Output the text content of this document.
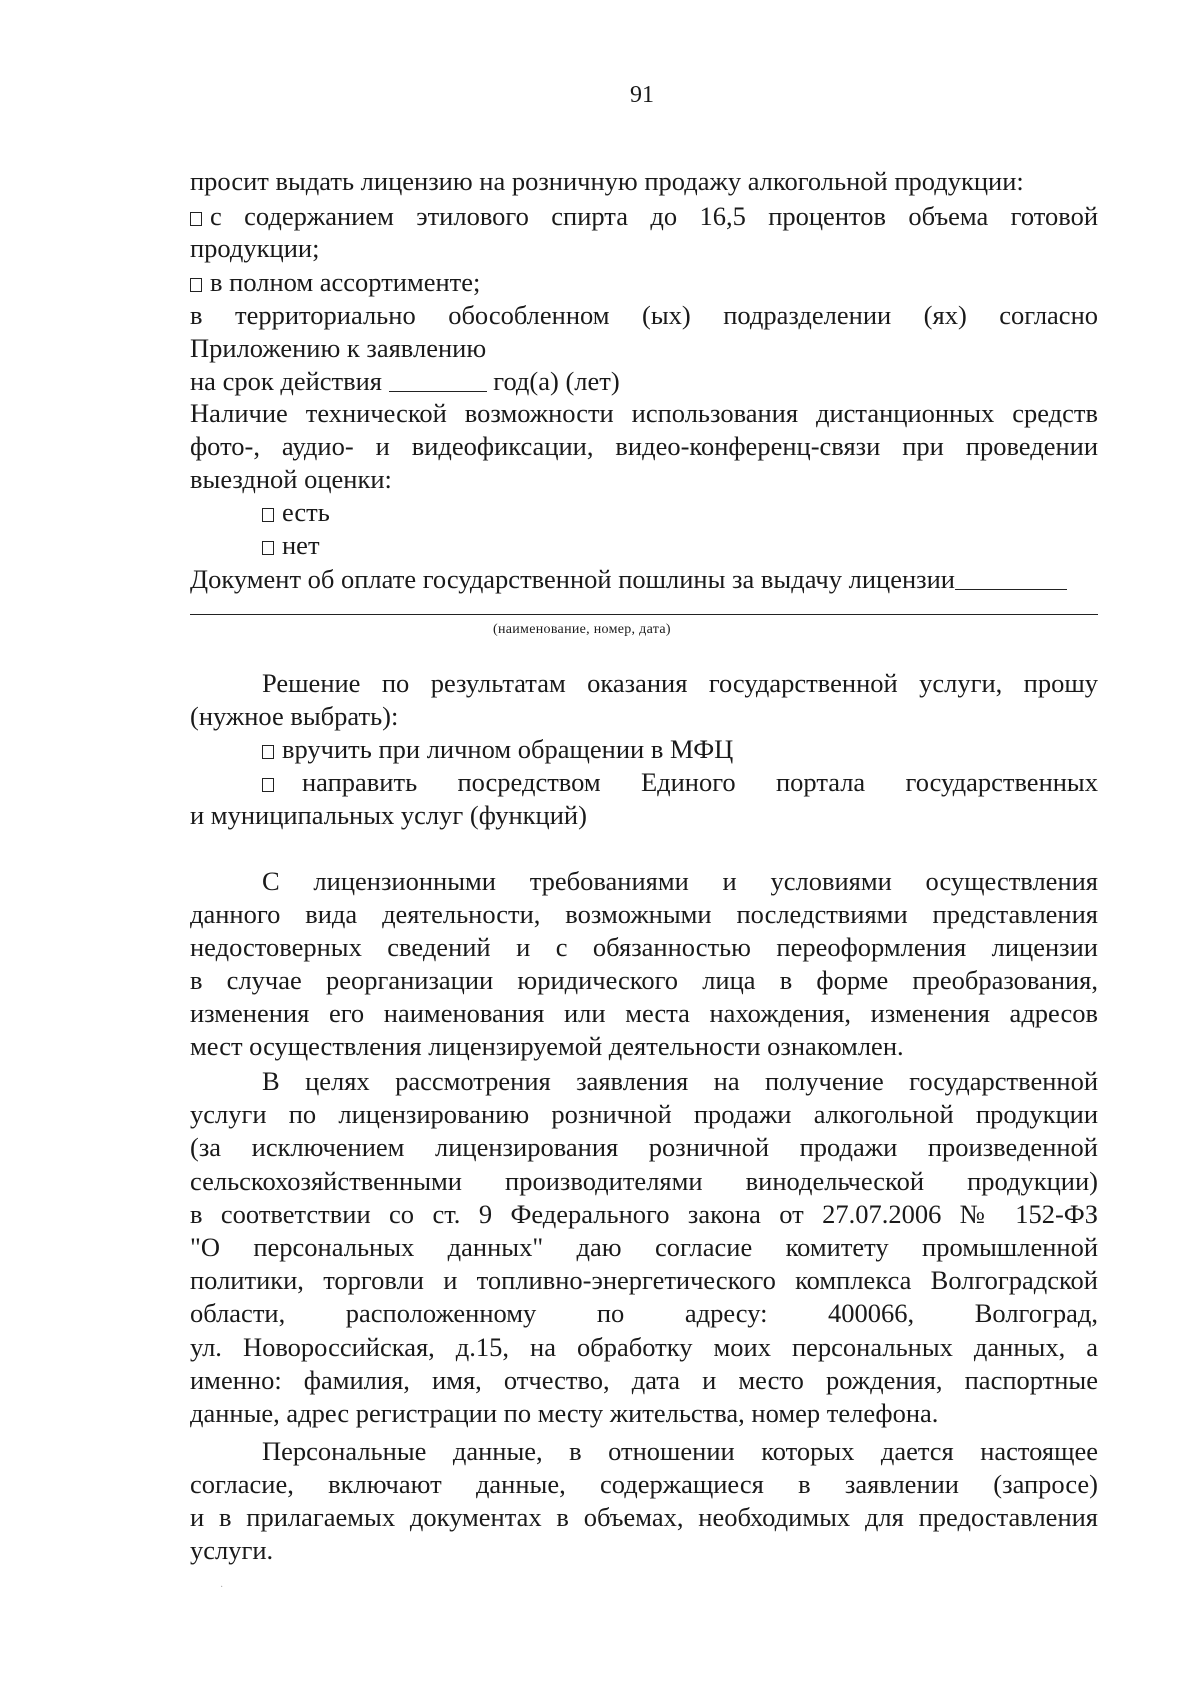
91
просит выдать лицензию на розничную продажу алкогольной продукции:
с содержанием этилового спирта до 16,5 процентов объема готовой
продукции;
в полном ассортименте;
в территориально обособленном (ых) подразделении (ях) согласно
Приложению к заявлению
на срок действия	год(а) (лет)
Наличие технической возможности использования дистанционных средств
фото-, аудио- и видеофиксации, видео-конференц-связи при проведении
выездной оценки:
есть
нет
Документ об оплате государственной пошлины за выдачу лицензии
(наименование, номер, дата)
Решение по результатам оказания государственной услуги, прошу
(нужное выбрать):
вручить при личном обращении в МФЦ
направить посредством Единого портала государственных
и муниципальных услуг (функций)
С лицензионными требованиями и условиями осуществления
данного вида деятельности, возможными последствиями представления
недостоверных сведений и с обязанностью переоформления лицензии
в случае реорганизации юридического лица в форме преобразования,
изменения его наименования или места нахождения, изменения адресов
мест осуществления лицензируемой деятельности ознакомлен.
В целях рассмотрения заявления на получение государственной
услуги по лицензированию розничной продажи алкогольной продукции
(за исключением лицензирования розничной продажи произведенной
сельскохозяйственными производителями винодельческой продукции)
в соответствии со ст. 9 Федерального закона от 27.07.2006 № 152-ФЗ
"О персональных данных" даю согласие комитету промышленной
политики, торговли и топливно-энергетического комплекса Волгоградской
области, расположенному по адресу: 400066, Волгоград,
ул. Новороссийская, д.15, на обработку моих персональных данных, а
именно: фамилия, имя, отчество, дата и место рождения, паспортные
данные, адрес регистрации по месту жительства, номер телефона.
Персональные данные, в отношении которых дается настоящее
согласие, включают данные, содержащиеся в заявлении (запросе)
и в прилагаемых документах в объемах, необходимых для предоставления
услуги.
·
